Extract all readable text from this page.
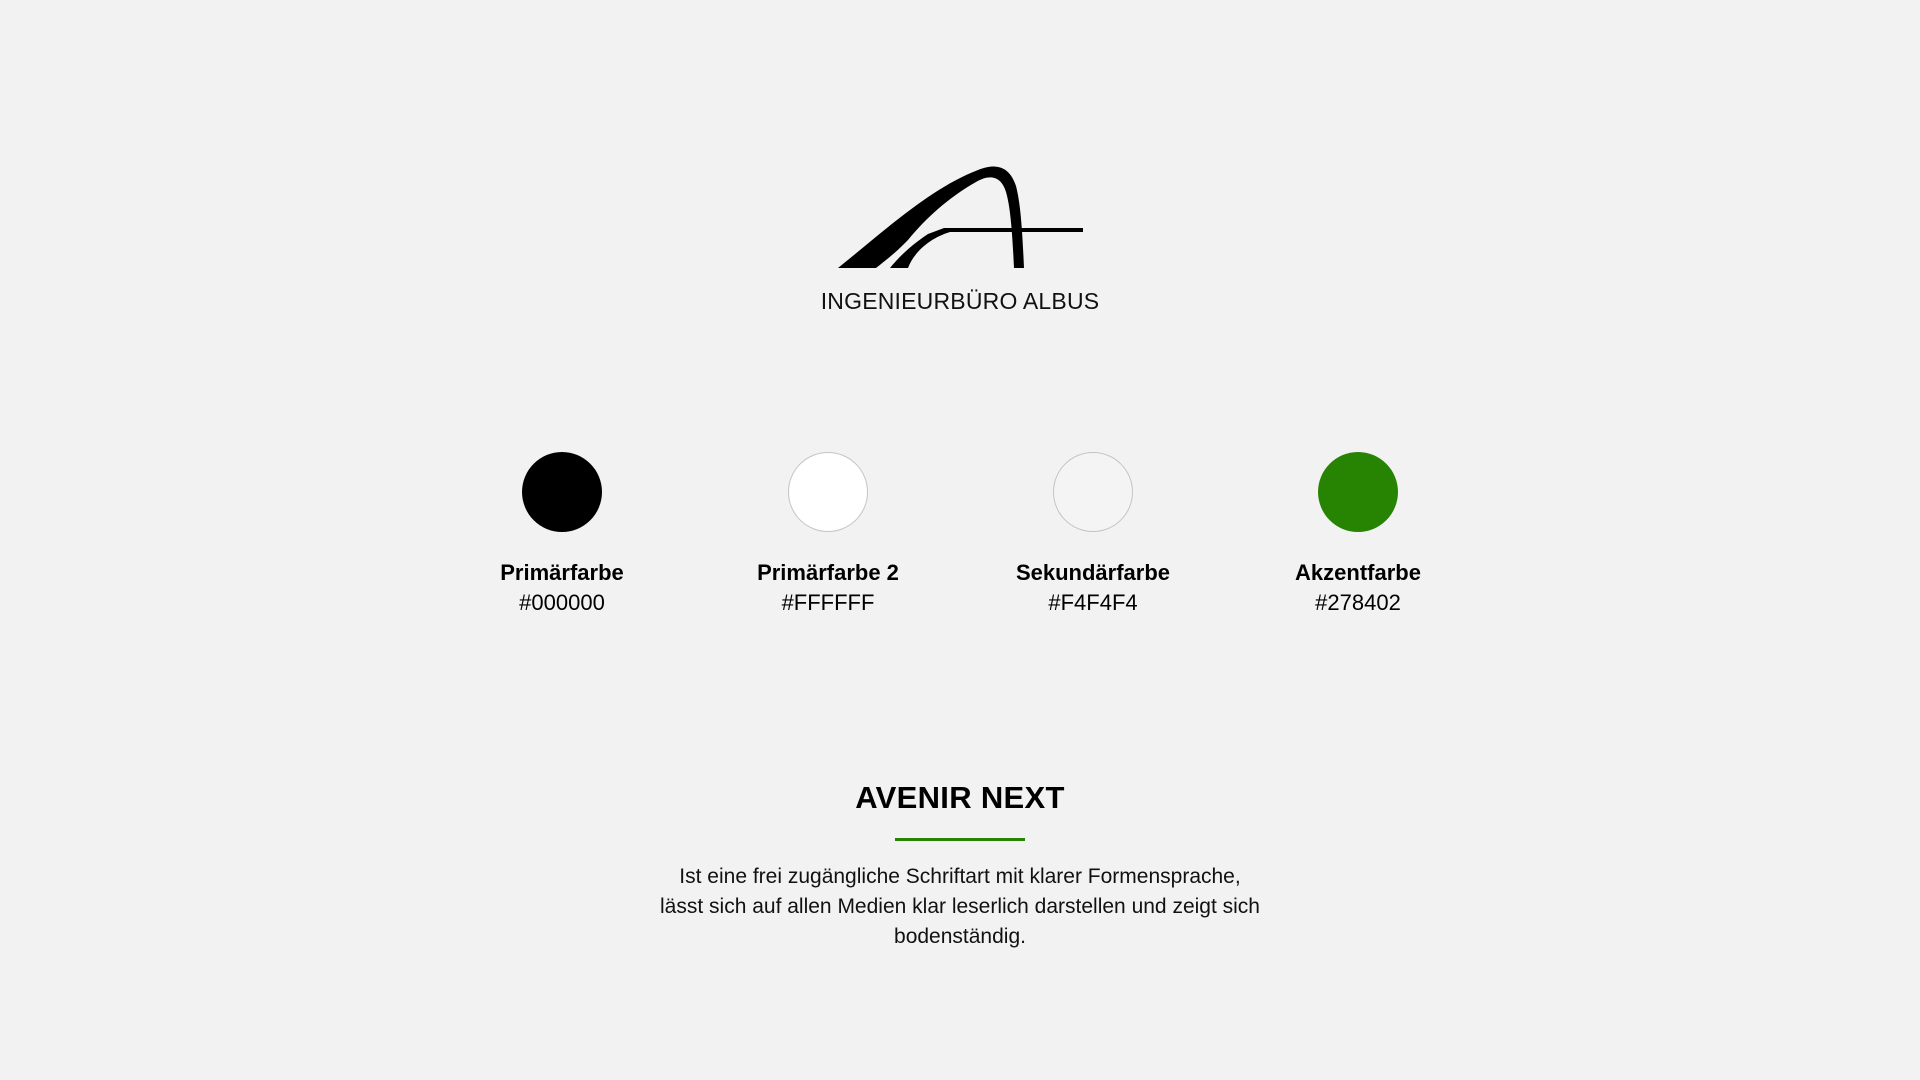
INGENIEURBÜRO ALBUS
Primärfarbe
#000000
Primärfarbe 2
#FFFFFF
Sekundärfarbe
#F4F4F4
Akzentfarbe
#278402
AVENIR NEXT
Ist eine frei zugängliche Schriftart mit klarer Formensprache, lässt sich auf allen Medien klar leserlich darstellen und zeigt sich bodenständig.
